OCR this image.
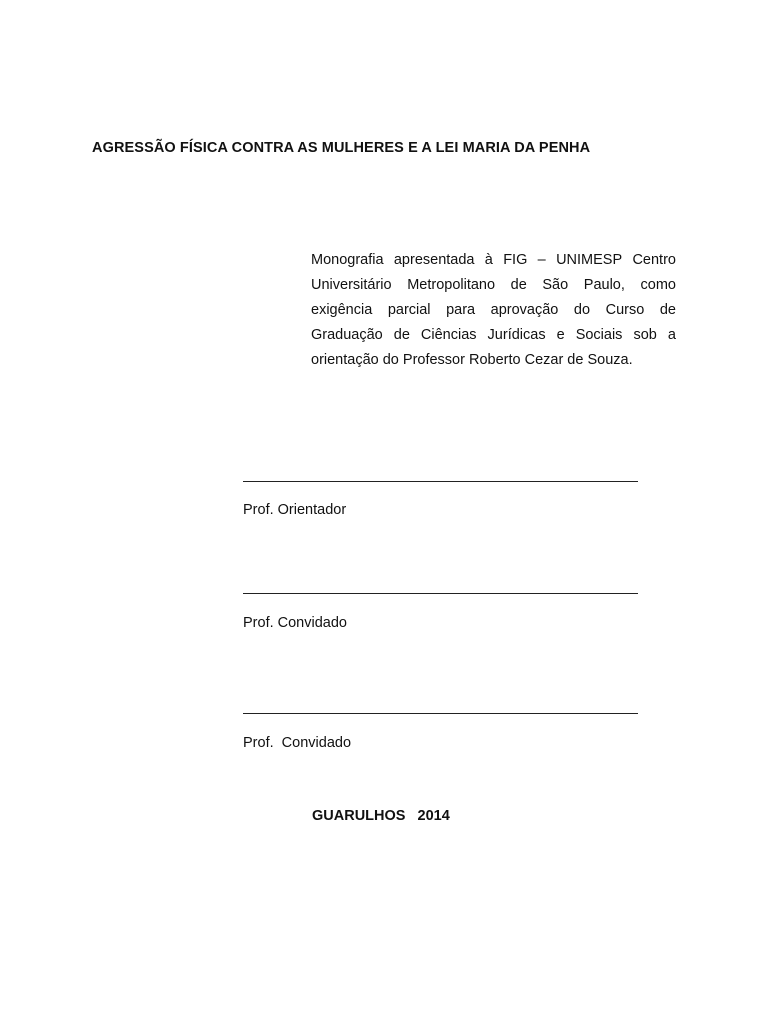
AGRESSÃO FÍSICA CONTRA AS MULHERES E A LEI MARIA DA PENHA
Monografia apresentada à FIG – UNIMESP Centro
Universitário Metropolitano de São Paulo, como
exigência parcial para aprovação do Curso de
Graduação de Ciências Jurídicas e Sociais sob a
orientação do Professor Roberto Cezar de Souza.
Prof. Orientador
Prof. Convidado
Prof.  Convidado
GUARULHOS   2014
